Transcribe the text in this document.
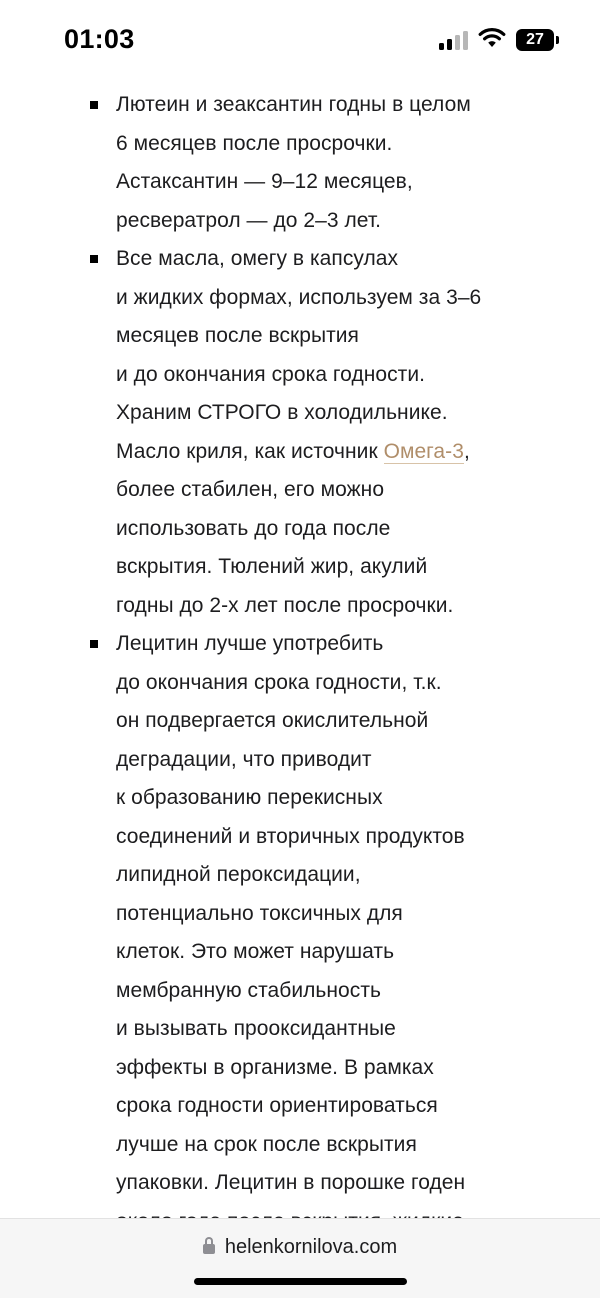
01:03	27
Лютеин и зеаксантин годны в целом
6 месяцев после просрочки.
Астаксантин — 9–12 месяцев,
ресвератрол — до 2–3 лет.
Все масла, омегу в капсулах
и жидких формах, используем за 3–6
месяцев после вскрытия
и до окончания срока годности.
Храним СТРОГО в холодильнике.
Масло криля, как источник Омега-3,
более стабилен, его можно
использовать до года после
вскрытия. Тюлений жир, акулий
годны до 2-х лет после просрочки.
Лецитин лучше употребить
до окончания срока годности, т.к.
он подвергается окислительной
деградации, что приводит
к образованию перекисных
соединений и вторичных продуктов
липидной пероксидации,
потенциально токсичных для
клеток. Это может нарушать
мембранную стабильность
и вызывать прооксидантные
эффекты в организме. В рамках
срока годности ориентироваться
лучше на срок после вскрытия
упаковки. Лецитин в порошке годен
helenkornilova.com
